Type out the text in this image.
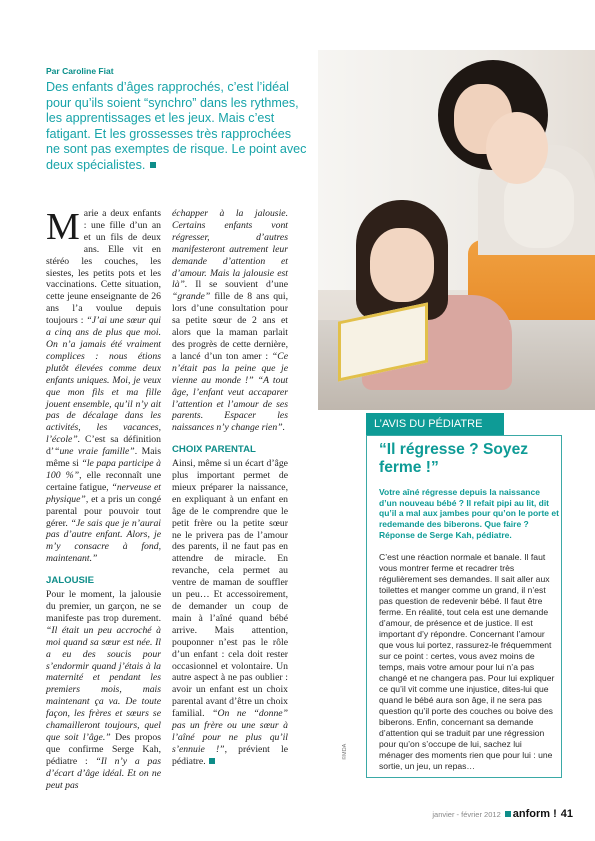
Par Caroline Fiat

Des enfants d’âges rapprochés, c’est l’idéal pour qu’ils soient “synchro” dans les rythmes, les apprentissages et les jeux. Mais c’est fatigant. Et les grossesses très rapprochées ne sont pas exemptes de risque. Le point avec deux spécialistes.

Marie a deux enfants : une fille d’un an et un fils de deux ans. Elle vit en stéréo les couches, les siestes, les petits pots et les vaccinations. Cette situation, cette jeune enseignante de 26 ans l’a voulue depuis toujours : “J’ai une sœur qui a cinq ans de plus que moi. On n’a jamais été vraiment complices : nous étions plutôt élevées comme deux enfants uniques. Moi, je veux que mon fils et ma fille jouent ensemble, qu’il n’y ait pas de décalage dans les activités, les vacances, l’école”. C’est sa définition d’“une vraie famille”. Mais même si “le papa participe à 100 %”, elle reconnaît une certaine fatigue, “nerveuse et physique”, et a pris un congé parental pour pouvoir tout gérer. “Je sais que je n’aurai pas d’autre enfant. Alors, je m’y consacre à fond, maintenant.”
JALOUSIE
Pour le moment, la jalousie du premier, un garçon, ne se manifeste pas trop durement. “Il était un peu accroché à moi quand sa sœur est née. Il a eu des soucis pour s’endormir quand j’étais à la maternité et pendant les premiers mois, mais maintenant ça va. De toute façon, les frères et sœurs se chamailleront toujours, quel que soit l’âge.” Des propos que confirme Serge Kah, pédiatre : “Il n’y a pas d’écart d’âge idéal. Et on ne peut pas
échapper à la jalousie. Certains enfants vont régresser, d’autres manifesteront autrement leur demande d’attention et d’amour. Mais la jalousie est là”. Il se souvient d’une “grande” fille de 8 ans qui, lors d’une consultation pour sa petite sœur de 2 ans et alors que la maman parlait des progrès de cette dernière, a lancé d’un ton amer : “Ce n’était pas la peine que je vienne au monde !” “A tout âge, l’enfant veut accaparer l’attention et l’amour de ses parents. Espacer les naissances n’y change rien”.
CHOIX PARENTAL
Ainsi, même si un écart d’âge plus important permet de mieux préparer la naissance, en expliquant à un enfant en âge de le comprendre que le petit frère ou la petite sœur ne le privera pas de l’amour des parents, il ne faut pas en attendre de miracle. En revanche, cela permet au ventre de maman de souffler un peu… Et accessoirement, de demander un coup de main à l’aîné quand bébé arrive. Mais attention, pouponner n’est pas le rôle d’un enfant : cela doit rester occasionnel et volontaire. Un autre aspect à ne pas oublier : avoir un enfant est un choix parental avant d’être un choix familial. “On ne “donne” pas un frère ou une sœur à l’aîné pour ne plus qu’il s’ennuie !”, prévient le pédiatre.
L’AVIS DU PÉDIATRE

“Il régresse ? Soyez ferme !”

Votre aîné régresse depuis la naissance d’un nouveau bébé ? Il refait pipi au lit, dit qu’il a mal aux jambes pour qu’on le porte et redemande des biberons. Que faire ? Réponse de Serge Kah, pédiatre.

C’est une réaction normale et banale. Il faut vous montrer ferme et recadrer très régulièrement ses demandes. Il sait aller aux toilettes et manger comme un grand, il n’est pas question de redevenir bébé. Il faut être ferme. En réalité, tout cela est une demande d’amour, de présence et de justice. Il est important d’y répondre. Concernant l’amour que vous lui portez, rassurez-le fréquemment sur ce point : certes, vous avez moins de temps, mais votre amour pour lui n’a pas changé et ne changera pas. Pour lui expliquer ce qu’il vit comme une injustice, dites-lui que quand le bébé aura son âge, il ne sera pas question qu’il porte des couches ou boive des biberons. Enfin, concernant sa demande d’attention qui se traduit par une régression pour qu’on s’occupe de lui, sachez lui ménager des moments rien que pour lui : une sortie, un jeu, un repas…

©MDA
janvier - février 2012 anform ! 41
